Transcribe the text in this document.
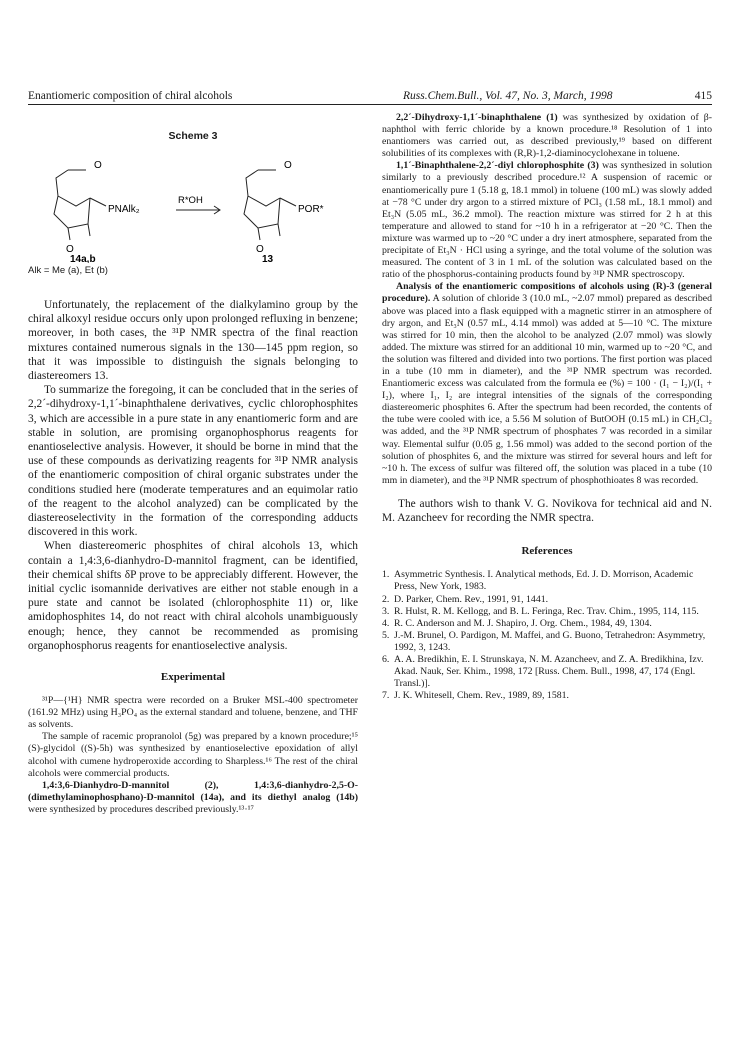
Enantiomeric composition of chiral alcohols	Russ.Chem.Bull., Vol. 47, No. 3, March, 1998	415
Scheme 3
O
O
PNAlk₂
R*OH
O
O
POR*
14a,b	13
Alk = Me (a), Et (b)

Unfortunately, the replacement of the dialkylamino group by the chiral alkoxyl residue occurs only upon prolonged refluxing in benzene; moreover, in both cases, the ³¹P NMR spectra of the final reaction mixtures contained numerous signals in the 130—145 ppm region, so that it was impossible to distinguish the signals belonging to diastereomers 13.

To summarize the foregoing, it can be concluded that in the series of 2,2´-dihydroxy-1,1´-binaphthalene derivatives, cyclic chlorophosphites 3, which are accessible in a pure state in any enantiomeric form and are stable in solution, are promising organophosphorus reagents for enantioselective analysis. However, it should be borne in mind that the use of these compounds as derivatizing reagents for ³¹P NMR analysis of the enantiomeric composition of chiral organic substrates under the conditions studied here (moderate temperatures and an equimolar ratio of the reagent to the alcohol analyzed) can be complicated by the diastereoselectivity in the formation of the corresponding adducts discovered in this work.

When diastereomeric phosphites of chiral alcohols 13, which contain a 1,4:3,6-dianhydro-D-mannitol fragment, can be identified, their chemical shifts δP prove to be appreciably different. However, the initial cyclic isomannide derivatives are either not stable enough in a pure state and cannot be isolated (chlorophosphite 11) or, like amidophosphites 14, do not react with chiral alcohols unambiguously enough; hence, they cannot be recommended as promising organophosphorus reagents for enantioselective analysis.

Experimental

³¹P—{¹H} NMR spectra were recorded on a Bruker MSL-400 spectrometer (161.92 MHz) using H₃PO₄ as the external standard and toluene, benzene, and THF as solvents.

The sample of racemic propranolol (5g) was prepared by a known procedure;¹⁵ (S)-glycidol ((S)-5h) was synthesized by enantioselective epoxidation of allyl alcohol with cumene hydroperoxide according to Sharpless.¹⁶ The rest of the chiral alcohols were commercial products.

1,4:3,6-Dianhydro-D-mannitol (2), 1,4:3,6-dianhydro-2,5-O-(dimethylaminophosphano)-D-mannitol (14a), and its diethyl analog (14b) were synthesized by procedures described previously.¹³·¹⁷

2,2´-Dihydroxy-1,1´-binaphthalene (1) was synthesized by oxidation of β-naphthol with ferric chloride by a known procedure.¹⁸ Resolution of 1 into enantiomers was carried out, as described previously,¹⁹ based on different solubilities of its complexes with (R,R)-1,2-diaminocyclohexane in toluene.

1,1´-Binaphthalene-2,2´-diyl chlorophosphite (3) was synthesized in solution similarly to a previously described procedure.¹² A suspension of racemic or enantiomerically pure 1 (5.18 g, 18.1 mmol) in toluene (100 mL) was slowly added at −78 °C under dry argon to a stirred mixture of PCl₃ (1.58 mL, 18.1 mmol) and Et₃N (5.05 mL, 36.2 mmol). The reaction mixture was stirred for 2 h at this temperature and allowed to stand for ~10 h in a refrigerator at −20 °C. Then the mixture was warmed up to ~20 °C under a dry inert atmosphere, separated from the precipitate of Et₃N · HCl using a syringe, and the total volume of the solution was measured. The content of 3 in 1 mL of the solution was calculated based on the ratio of the phosphorus-containing products found by ³¹P NMR spectroscopy.

Analysis of the enantiomeric compositions of alcohols using (R)-3 (general procedure). A solution of chloride 3 (10.0 mL, ~2.07 mmol) prepared as described above was placed into a flask equipped with a magnetic stirrer in an atmosphere of dry argon, and Et₃N (0.57 mL, 4.14 mmol) was added at 5—10 °C. The mixture was stirred for 10 min, then the alcohol to be analyzed (2.07 mmol) was slowly added. The mixture was stirred for an additional 10 min, warmed up to ~20 °C, and the solution was filtered and divided into two portions. The first portion was placed in a tube (10 mm in diameter), and the ³¹P NMR spectrum was recorded. Enantiomeric excess was calculated from the formula ee (%) = 100 · (I₁ − I₂)/(I₁ + I₂), where I₁, I₂ are integral intensities of the signals of the corresponding diastereomeric phosphites 6. After the spectrum had been recorded, the contents of the tube were cooled with ice, a 5.56 M solution of ButOOH (0.15 mL) in CH₂Cl₂ was added, and the ³¹P NMR spectrum of phosphates 7 was recorded in a similar way. Elemental sulfur (0.05 g, 1.56 mmol) was added to the second portion of the solution of phosphites 6, and the mixture was stirred for several hours and left for ~10 h. The excess of sulfur was filtered off, the solution was placed in a tube (10 mm in diameter), and the ³¹P NMR spectrum of phosphothioates 8 was recorded.

The authors wish to thank V. G. Novikova for technical aid and N. M. Azancheev for recording the NMR spectra.

References
1. Asymmetric Synthesis. I. Analytical methods, Ed. J. D. Morrison, Academic Press, New York, 1983.
2. D. Parker, Chem. Rev., 1991, 91, 1441.
3. R. Hulst, R. M. Kellogg, and B. L. Feringa, Rec. Trav. Chim., 1995, 114, 115.
4. R. C. Anderson and M. J. Shapiro, J. Org. Chem., 1984, 49, 1304.
5. J.-M. Brunel, O. Pardigon, M. Maffei, and G. Buono, Tetrahedron: Asymmetry, 1992, 3, 1243.
6. A. A. Bredikhin, E. I. Strunskaya, N. M. Azancheev, and Z. A. Bredikhina, Izv. Akad. Nauk, Ser. Khim., 1998, 172 [Russ. Chem. Bull., 1998, 47, 174 (Engl. Transl.)].
7. J. K. Whitesell, Chem. Rev., 1989, 89, 1581.
